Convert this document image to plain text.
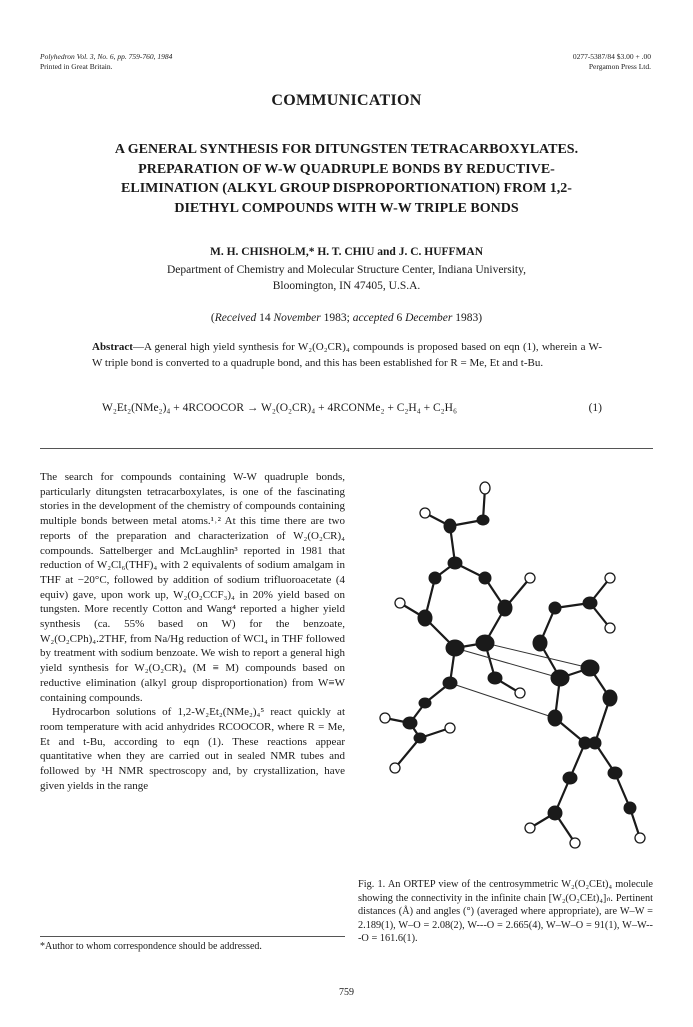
Polyhedron Vol. 3, No. 6, pp. 759-760, 1984
Printed in Great Britain.
0277-5387/84 $3.00 + .00
Pergamon Press Ltd.
COMMUNICATION
A GENERAL SYNTHESIS FOR DITUNGSTEN TETRACARBOXYLATES. PREPARATION OF W-W QUADRUPLE BONDS BY REDUCTIVE-ELIMINATION (ALKYL GROUP DISPROPORTIONATION) FROM 1,2-DIETHYL COMPOUNDS WITH W-W TRIPLE BONDS
M. H. CHISHOLM,* H. T. CHIU and J. C. HUFFMAN
Department of Chemistry and Molecular Structure Center, Indiana University,
Bloomington, IN 47405, U.S.A.
(Received 14 November 1983; accepted 6 December 1983)
Abstract—A general high yield synthesis for W₂(O₂CR)₄ compounds is proposed based on eqn (1), wherein a W-W triple bond is converted to a quadruple bond, and this has been established for R = Me, Et and t-Bu.
W₂Et₂(NMe₂)₄ + 4RCOOCOR → W₂(O₂CR)₄ + 4RCONMe₂ + C₂H₄ + C₂H₆	(1)

The search for compounds containing W-W quadruple bonds, particularly ditungsten tetracarboxylates, is one of the fascinating stories in the development of the chemistry of compounds containing multiple bonds between metal atoms.¹˒² At this time there are two reports of the preparation and characterization of W₂(O₂CR)₄ compounds. Sattelberger and McLaughlin³ reported in 1981 that reduction of W₂Cl₆(THF)₄ with 2 equivalents of sodium amalgam in THF at −20°C, followed by addition of sodium trifluoroacetate (4 equiv) gave, upon work up, W₂(O₂CCF₃)₄ in 20% yield based on tungsten. More recently Cotton and Wang⁴ reported a higher yield synthesis (ca. 55% based on W) for the benzoate, W₂(O₂CPh)₄.2THF, from Na/Hg reduction of WCl₄ in THF followed by treatment with sodium benzoate. We wish to report a general high yield synthesis for W₂(O₂CR)₄ (M ≡ M) compounds based on reductive elimination (alkyl group disproportionation) from W≡W containing compounds.

Hydrocarbon solutions of 1,2-W₂Et₂(NMe₂)₄⁵ react quickly at room temperature with acid anhydrides RCOOCOR, where R = Me, Et and t-Bu, according to eqn (1). These reactions appear quantitative when they are carried out in sealed NMR tubes and followed by ¹H NMR spectroscopy and, by crystallization, have given yields in the range

*Author to whom correspondence should be addressed.
Fig. 1. An ORTEP view of the centrosymmetric W₂(O₂CEt)₄ molecule showing the connectivity in the infinite chain [W₂(O₂CEt)₄]ₙ. Pertinent distances (Å) and angles (°) (averaged where appropriate), are W–W = 2.189(1), W–O = 2.08(2), W---O = 2.665(4), W–W–O = 91(1), W–W---O = 161.6(1).
759
